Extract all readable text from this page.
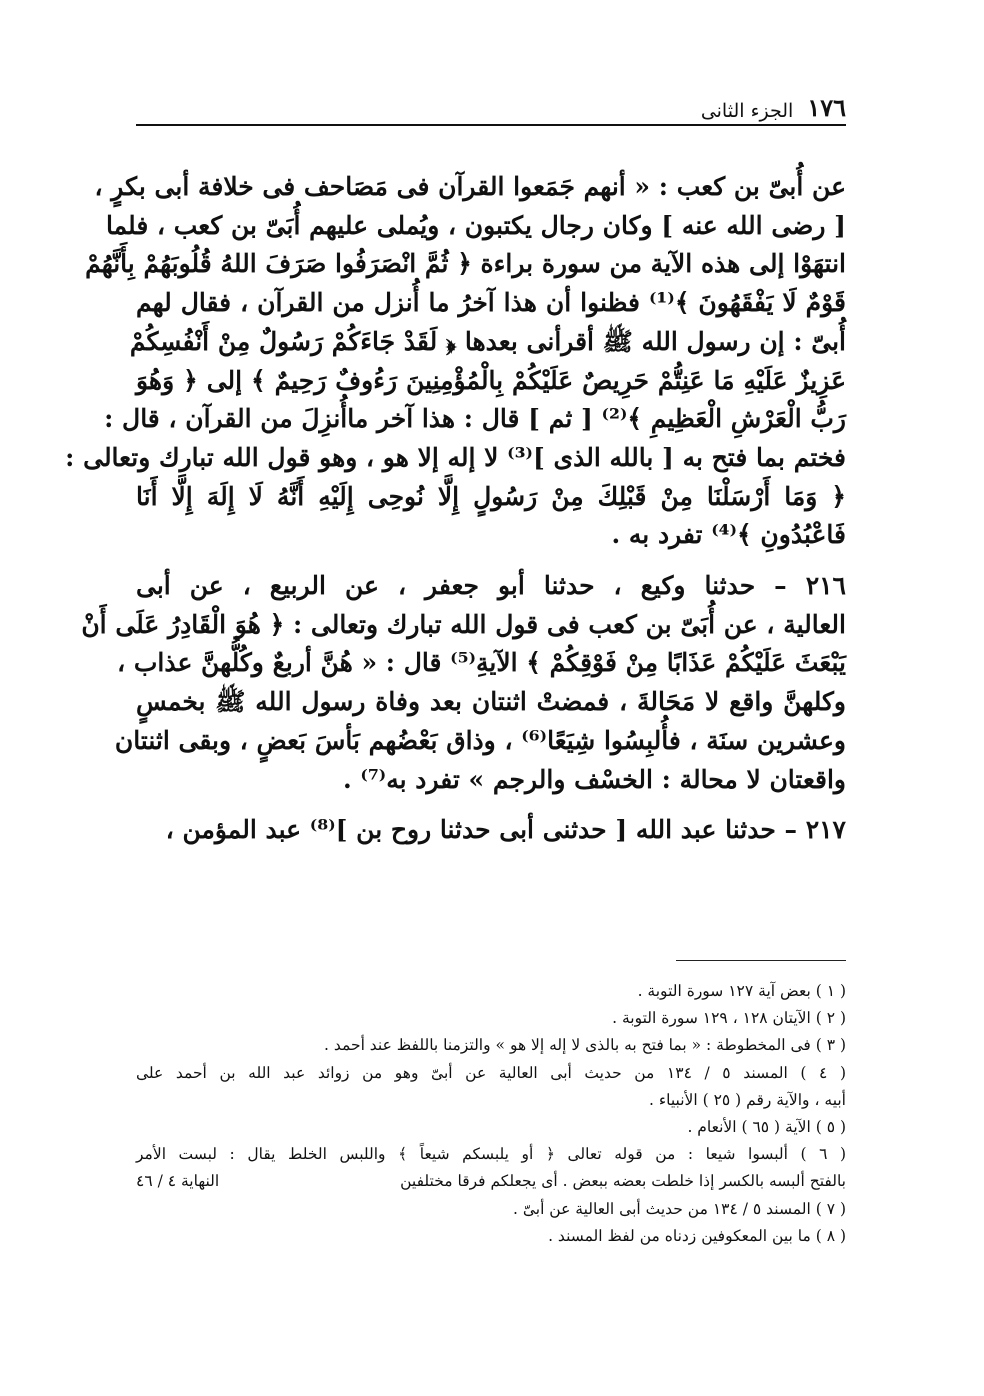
١٧٦
الجزء الثانى
عن أُبىّ بن كعب : « أنهم جَمَعوا القرآن فى مَصَاحف فى خلافة أبى بكرٍ ،
[ رضى الله عنه ] وكان رجال يكتبون ، ويُملى عليهم أُبَىّ بن كعب ، فلما
انتهَوْا إلى هذه الآية من سورة براءة ﴿ ثُمَّ انْصَرَفُوا صَرَفَ اللهُ قُلُوبَهُمْ بِأَنَّهُمْ
قَوْمٌ لَا يَفْقَهُونَ ﴾⁽¹⁾ فظنوا أن هذا آخرُ ما أُنزل من القرآن ، فقال لهم
أُبىّ : إن رسول الله ﷺ أقرأنى بعدها ﴿ لَقَدْ جَاءَكُمْ رَسُولٌ مِنْ أَنْفُسِكُمْ
عَزِيزٌ عَلَيْهِ مَا عَنِتُّمْ حَرِيصٌ عَلَيْكُمْ بِالْمُؤْمِنِينَ رَءُوفٌ رَحِيمٌ ﴾ إلى ﴿ وَهُوَ
رَبُّ الْعَرْشِ الْعَظِيمِ ﴾⁽²⁾ [ ثم ] قال : هذا آخر ماأُنزِلَ من القرآن ، قال :
فختم بما فتح به [ بالله الذى ]⁽³⁾ لا إله إلا هو ، وهو قول الله تبارك وتعالى :
﴿ وَمَا أَرْسَلْنَا مِنْ قَبْلِكَ مِنْ رَسُولٍ إِلَّا نُوحِى إِلَيْهِ أَنَّهُ لَا إِلَهَ إِلَّا أَنَا
فَاعْبُدُونِ ﴾⁽⁴⁾ تفرد به .
٢١٦ – حدثنا وكيع ، حدثنا أبو جعفر ، عن الربيع ، عن أبى
العالية ، عن أُبَىّ بن كعب فى قول الله تبارك وتعالى : ﴿ هُوَ الْقَادِرُ عَلَى أَنْ
يَبْعَثَ عَلَيْكُمْ عَذَابًا مِنْ فَوْقِكُمْ ﴾ الآيةِ⁽⁵⁾ قال : « هُنَّ أربعٌ وكُلُّهنَّ عذاب ،
وكلهنَّ واقع لا مَحَالةَ ، فمضتْ اثنتان بعد وفاة رسول الله ﷺ بخمسٍ
وعشرين سنَة ، فأُلبِسُوا شِيَعًا⁽⁶⁾ ، وذاق بَعْضُهم بَأسَ بَعضٍ ، وبقى اثنتان
واقعتان لا محالة : الخسْف والرجم » تفرد به⁽⁷⁾ .
٢١٧ – حدثنا عبد الله [ حدثنى أبى حدثنا روح بن ]⁽⁸⁾ عبد المؤمن ،
( ١ ) بعض آية ١٢٧ سورة التوبة .
( ٢ ) الآيتان ١٢٨ ، ١٢٩ سورة التوبة .
( ٣ ) فى المخطوطة : « بما فتح به بالذى لا إله إلا هو » والتزمنا باللفظ عند أحمد .
( ٤ ) المسند ٥ / ١٣٤ من حديث أبى العالية عن أبىّ وهو من زوائد عبد الله بن أحمد على
أبيه ، والآية رقم ( ٢٥ ) الأنبياء .
( ٥ ) الآية ( ٦٥ ) الأنعام .
( ٦ ) ألبسوا شيعا : من قوله تعالى ﴿ أو يلبسكم شيعاً ﴾ واللبس الخلط يقال : لبست الأمر
بالفتح ألبسه بالكسر إذا خلطت بعضه ببعض . أى يجعلكم فرقا مختلفين
النهاية ٤ / ٤٦
( ٧ ) المسند ٥ / ١٣٤ من حديث أبى العالية عن أبىّ .
( ٨ ) ما بين المعكوفين زدناه من لفظ المسند .
